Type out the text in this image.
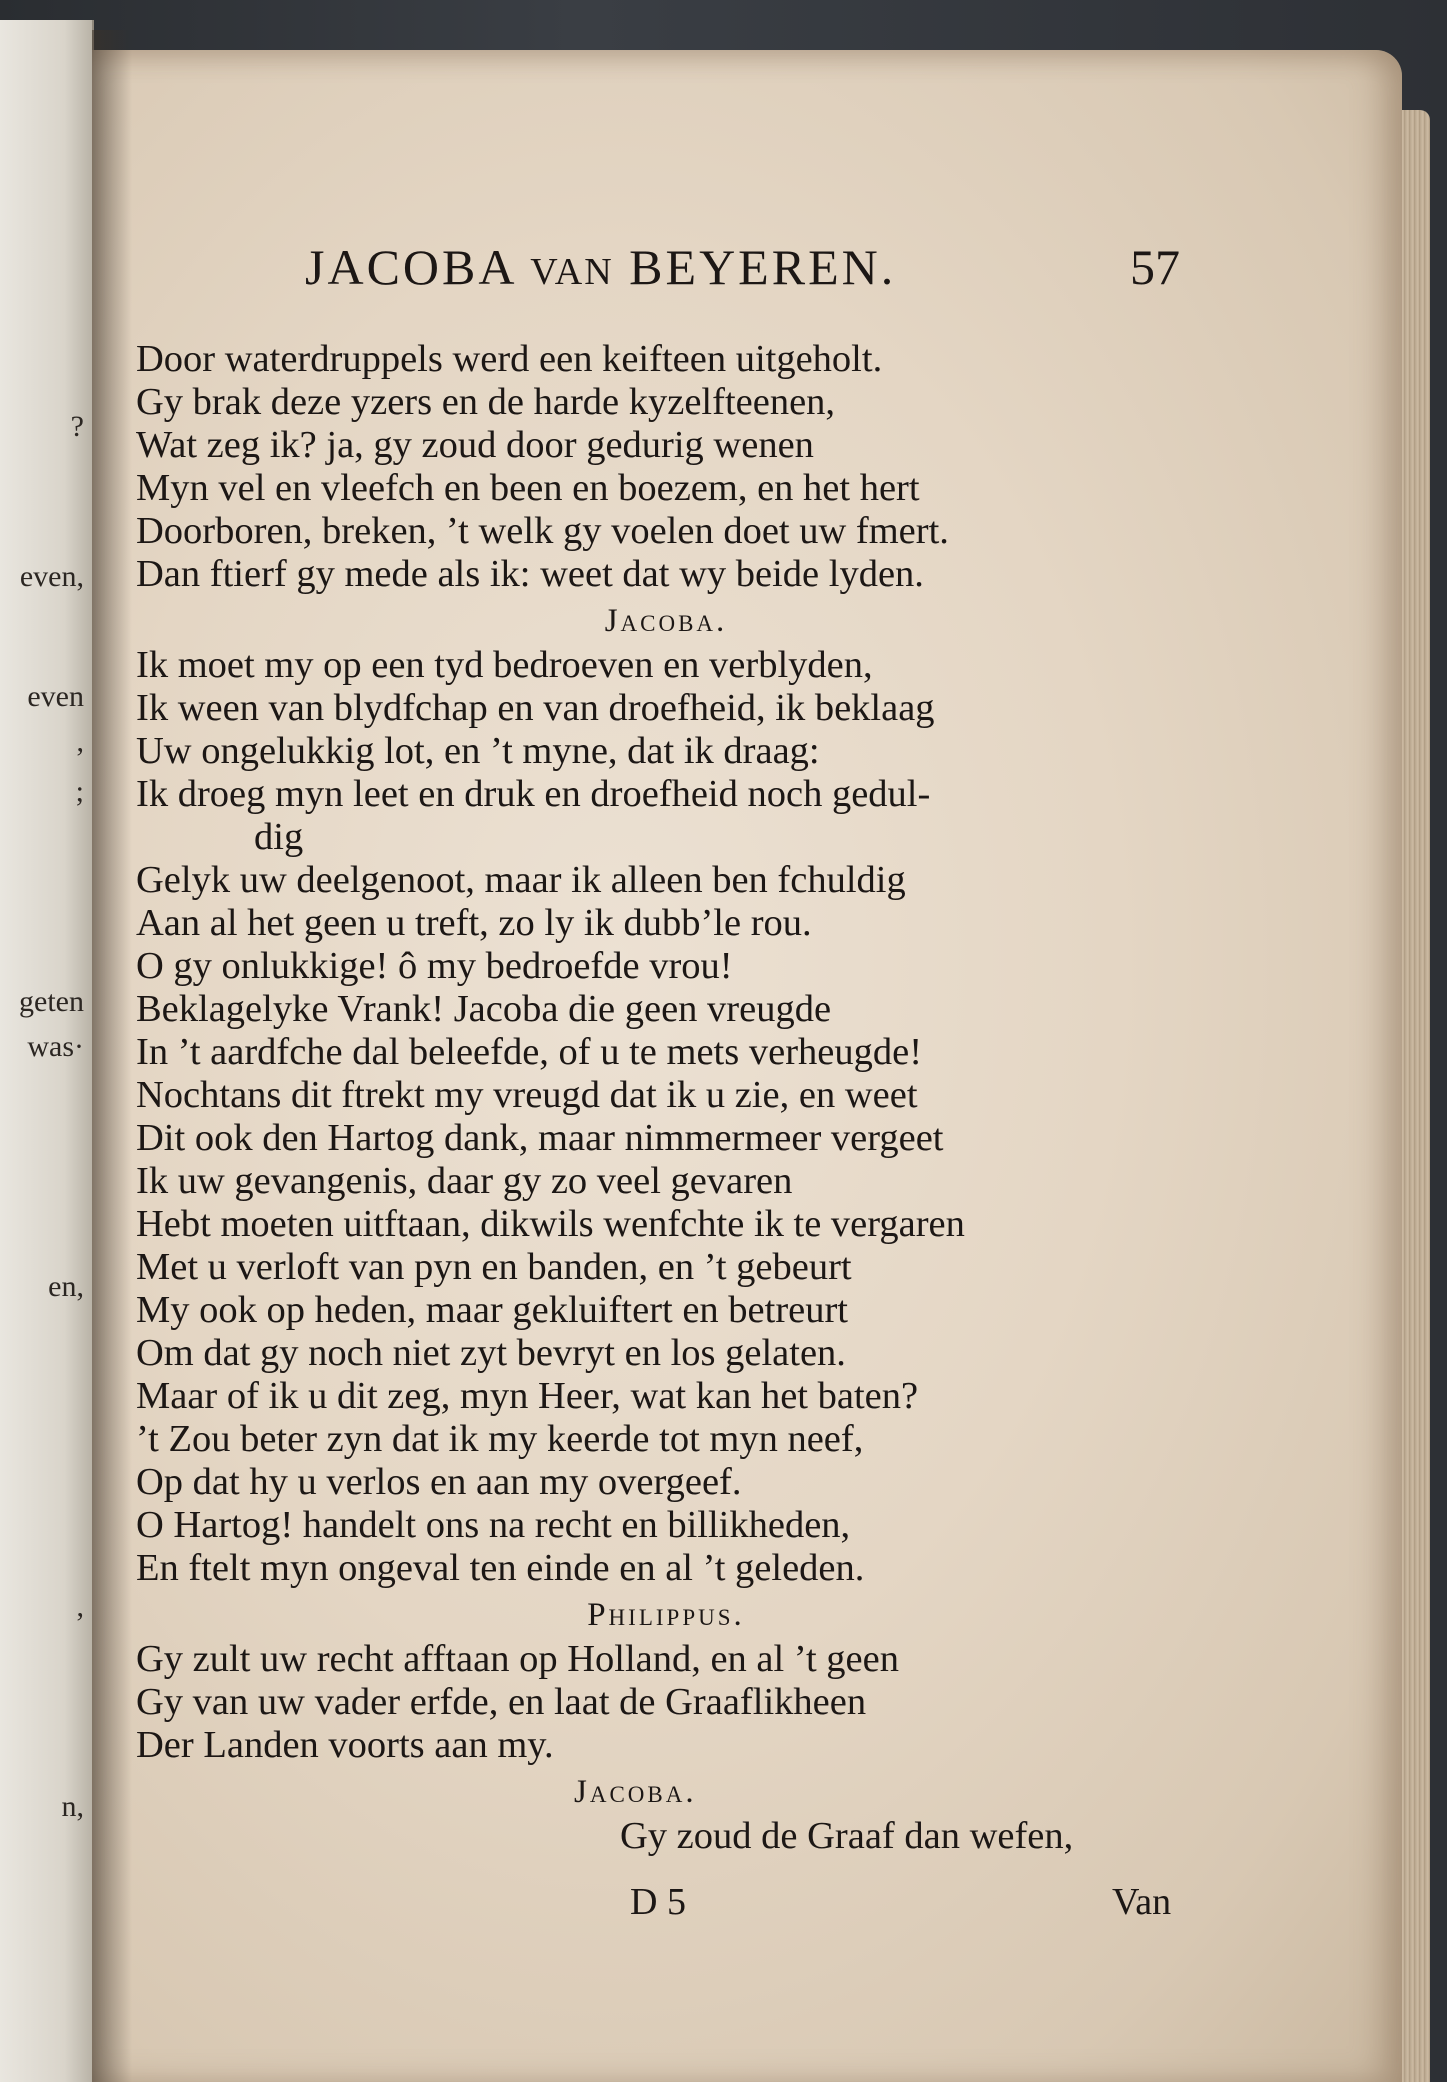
?
even,
even
,
;
geten
was·
en,
,
n,
JACOBA VAN BEYEREN.	57
Door waterdruppels werd een keifteen uitgeholt.
Gy brak deze yzers en de harde kyzelfteenen,
Wat zeg ik? ja, gy zoud door gedurig wenen
Myn vel en vleefch en been en boezem, en het hert
Doorboren, breken, ’t welk gy voelen doet uw fmert.
Dan ftierf gy mede als ik: weet dat wy beide lyden.
Jacoba.
Ik moet my op een tyd bedroeven en verblyden,
Ik ween van blydfchap en van droefheid, ik beklaag
Uw ongelukkig lot, en ’t myne, dat ik draag:
Ik droeg myn leet en druk en droefheid noch gedul-
dig
Gelyk uw deelgenoot, maar ik alleen ben fchuldig
Aan al het geen u treft, zo ly ik dubb’le rou.
O gy onlukkige! ô my bedroefde vrou!
Beklagelyke Vrank! Jacoba die geen vreugde
In ’t aardfche dal beleefde, of u te mets verheugde!
Nochtans dit ftrekt my vreugd dat ik u zie, en weet
Dit ook den Hartog dank, maar nimmermeer vergeet
Ik uw gevangenis, daar gy zo veel gevaren
Hebt moeten uitftaan, dikwils wenfchte ik te vergaren
Met u verloft van pyn en banden, en ’t gebeurt
My ook op heden, maar gekluiftert en betreurt
Om dat gy noch niet zyt bevryt en los gelaten.
Maar of ik u dit zeg, myn Heer, wat kan het baten?
’t Zou beter zyn dat ik my keerde tot myn neef,
Op dat hy u verlos en aan my overgeef.
O Hartog! handelt ons na recht en billikheden,
En ftelt myn ongeval ten einde en al ’t geleden.
Philippus.
Gy zult uw recht afftaan op Holland, en al ’t geen
Gy van uw vader erfde, en laat de Graaflikheen
Der Landen voorts aan my.
Jacoba.
Gy zoud de Graaf dan wefen,
D 5	Van
